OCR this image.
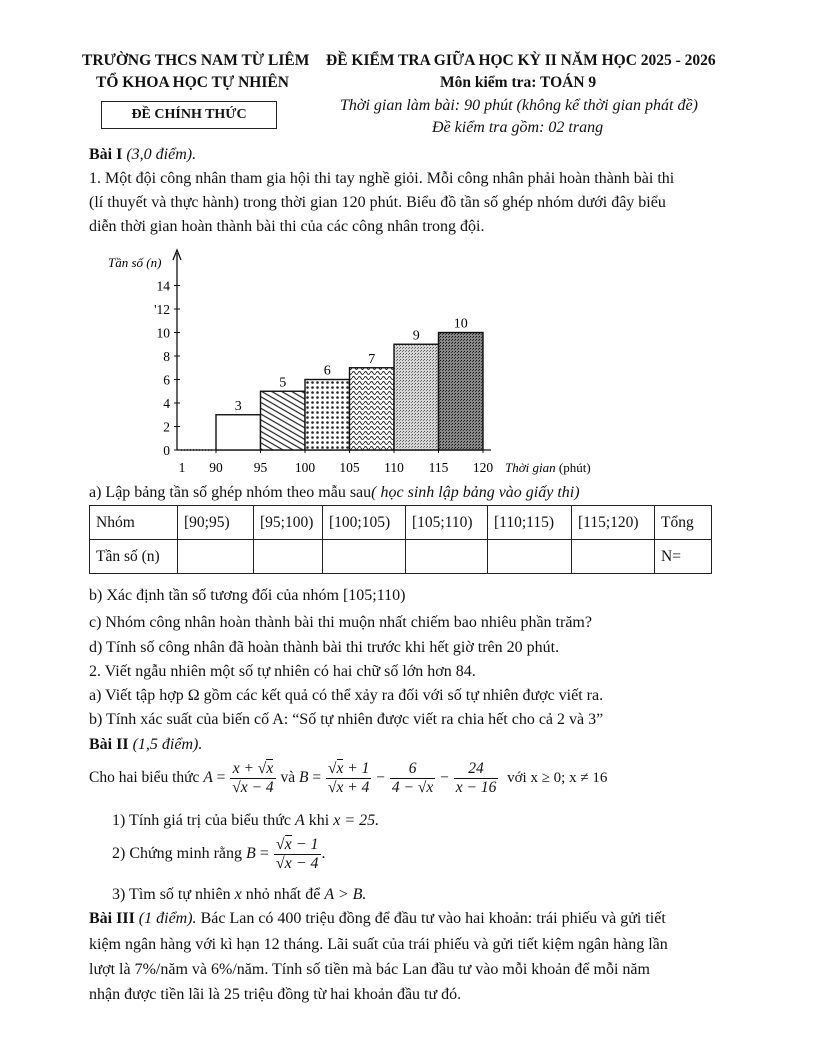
TRƯỜNG THCS NAM TỪ LIÊM
TỔ KHOA HỌC TỰ NHIÊN
ĐỀ CHÍNH THỨC
ĐỀ KIỂM TRA GIỮA HỌC KỲ II NĂM HỌC 2025 - 2026
Môn kiểm tra: TOÁN 9
Thời gian làm bài: 90 phút (không kể thời gian phát đề)
Đề kiểm tra gồm: 02 trang
Bài I (3,0 điểm).
1. Một đội công nhân tham gia hội thi tay nghề giỏi. Mỗi công nhân phải hoàn thành bài thi
(lí thuyết và thực hành) trong thời gian 120 phút. Biểu đồ tần số ghép nhóm dưới đây biểu
diễn thời gian hoàn thành bài thi của các công nhân trong đội.
0
2
4
6
8
10
'12
14
Tần số (n)
1 90 95 100 105 110 115 120 Thời gian (phút)
3
5
6
7
9
10
a) Lập bảng tần số ghép nhóm theo mẫu sau( học sinh lập bảng vào giấy thi)
Nhóm	[90;95)	[95;100)	[100;105)	[105;110)	[110;115)	[115;120)	Tổng
Tần số (n)							N=
b) Xác định tần số tương đối của nhóm [105;110)
c) Nhóm công nhân hoàn thành bài thi muộn nhất chiếm bao nhiêu phần trăm?
d) Tính số công nhân đã hoàn thành bài thi trước khi hết giờ trên 20 phút.
2. Viết ngẫu nhiên một số tự nhiên có hai chữ số lớn hơn 84.
a) Viết tập hợp Ω gồm các kết quả có thể xảy ra đối với số tự nhiên được viết ra.
b) Tính xác suất của biến cố A: “Số tự nhiên được viết ra chia hết cho cả 2 và 3”
Bài II (1,5 điểm).
Cho hai biểu thức $A = \frac{x + √x}{√x - 4}$ và $B = \frac{√x + 1}{√x + 4} - \frac{6}{4 - √x} - \frac{24}{x - 16}$ với x ≥ 0; x ≠ 16
1) Tính giá trị của biểu thức A khi x = 25.
2) Chứng minh rằng $B = \frac{√x - 1}{√x - 4}$ .
3) Tìm số tự nhiên x nhỏ nhất để A > B.
Bài III (1 điểm). Bác Lan có 400 triệu đồng để đầu tư vào hai khoản: trái phiếu và gửi tiết
kiệm ngân hàng với kì hạn 12 tháng. Lãi suất của trái phiếu và gửi tiết kiệm ngân hàng lần
lượt là 7%/năm và 6%/năm. Tính số tiền mà bác Lan đầu tư vào mỗi khoản để mỗi năm
nhận được tiền lãi là 25 triệu đồng từ hai khoản đầu tư đó.
